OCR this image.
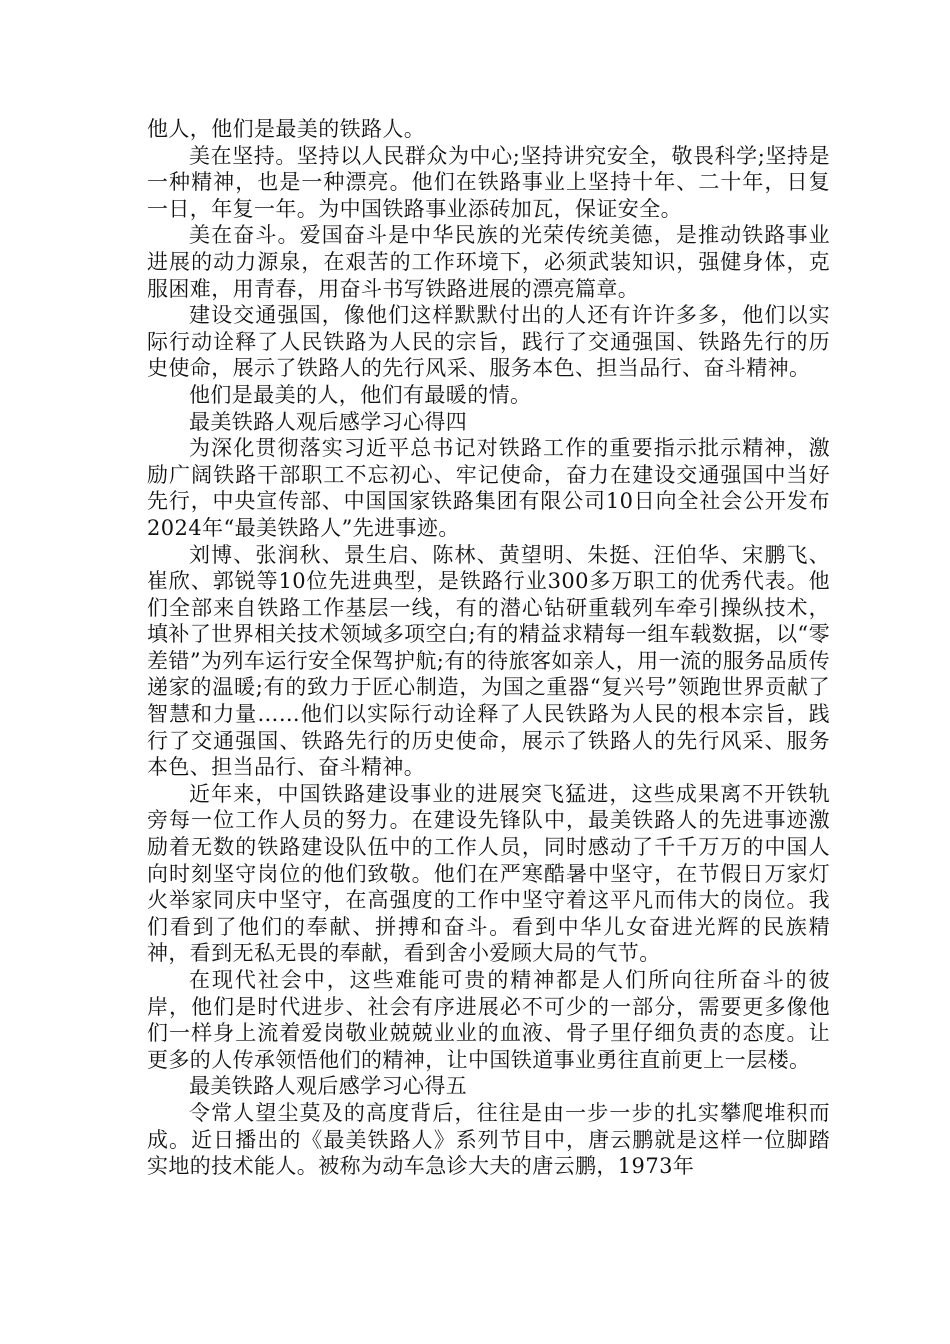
他人，他们是最美的铁路人。

美在坚持。坚持以人民群众为中心;坚持讲究安全，敬畏科学;坚持是一种精神，也是一种漂亮。他们在铁路事业上坚持十年、二十年，日复一日，年复一年。为中国铁路事业添砖加瓦，保证安全。

美在奋斗。爱国奋斗是中华民族的光荣传统美德，是推动铁路事业进展的动力源泉，在艰苦的工作环境下，必须武装知识，强健身体，克服困难，用青春，用奋斗书写铁路进展的漂亮篇章。

建设交通强国，像他们这样默默付出的人还有许许多多，他们以实际行动诠释了人民铁路为人民的宗旨，践行了交通强国、铁路先行的历史使命，展示了铁路人的先行风采、服务本色、担当品行、奋斗精神。

他们是最美的人，他们有最暖的情。

最美铁路人观后感学习心得四

为深化贯彻落实习近平总书记对铁路工作的重要指示批示精神，激励广阔铁路干部职工不忘初心、牢记使命，奋力在建设交通强国中当好先行，中央宣传部、中国国家铁路集团有限公司10日向全社会公开发布2024年“最美铁路人”先进事迹。

刘博、张润秋、景生启、陈林、黄望明、朱挺、汪伯华、宋鹏飞、崔欣、郭锐等10位先进典型，是铁路行业300多万职工的优秀代表。他们全部来自铁路工作基层一线，有的潜心钻研重载列车牵引操纵技术，填补了世界相关技术领域多项空白;有的精益求精每一组车载数据，以“零差错”为列车运行安全保驾护航;有的待旅客如亲人，用一流的服务品质传递家的温暖;有的致力于匠心制造，为国之重器“复兴号”领跑世界贡献了智慧和力量……他们以实际行动诠释了人民铁路为人民的根本宗旨，践行了交通强国、铁路先行的历史使命，展示了铁路人的先行风采、服务本色、担当品行、奋斗精神。

近年来，中国铁路建设事业的进展突飞猛进，这些成果离不开铁轨旁每一位工作人员的努力。在建设先锋队中，最美铁路人的先进事迹激励着无数的铁路建设队伍中的工作人员，同时感动了千千万万的中国人向时刻坚守岗位的他们致敬。他们在严寒酷暑中坚守，在节假日万家灯火举家同庆中坚守，在高强度的工作中坚守着这平凡而伟大的岗位。我们看到了他们的奉献、拼搏和奋斗。看到中华儿女奋进光辉的民族精神，看到无私无畏的奉献，看到舍小爱顾大局的气节。

在现代社会中，这些难能可贵的精神都是人们所向往所奋斗的彼岸，他们是时代进步、社会有序进展必不可少的一部分，需要更多像他们一样身上流着爱岗敬业兢兢业业的血液、骨子里仔细负责的态度。让更多的人传承领悟他们的精神，让中国铁道事业勇往直前更上一层楼。

最美铁路人观后感学习心得五

令常人望尘莫及的高度背后，往往是由一步一步的扎实攀爬堆积而成。近日播出的《最美铁路人》系列节目中，唐云鹏就是这样一位脚踏实地的技术能人。被称为动车急诊大夫的唐云鹏，1973年
